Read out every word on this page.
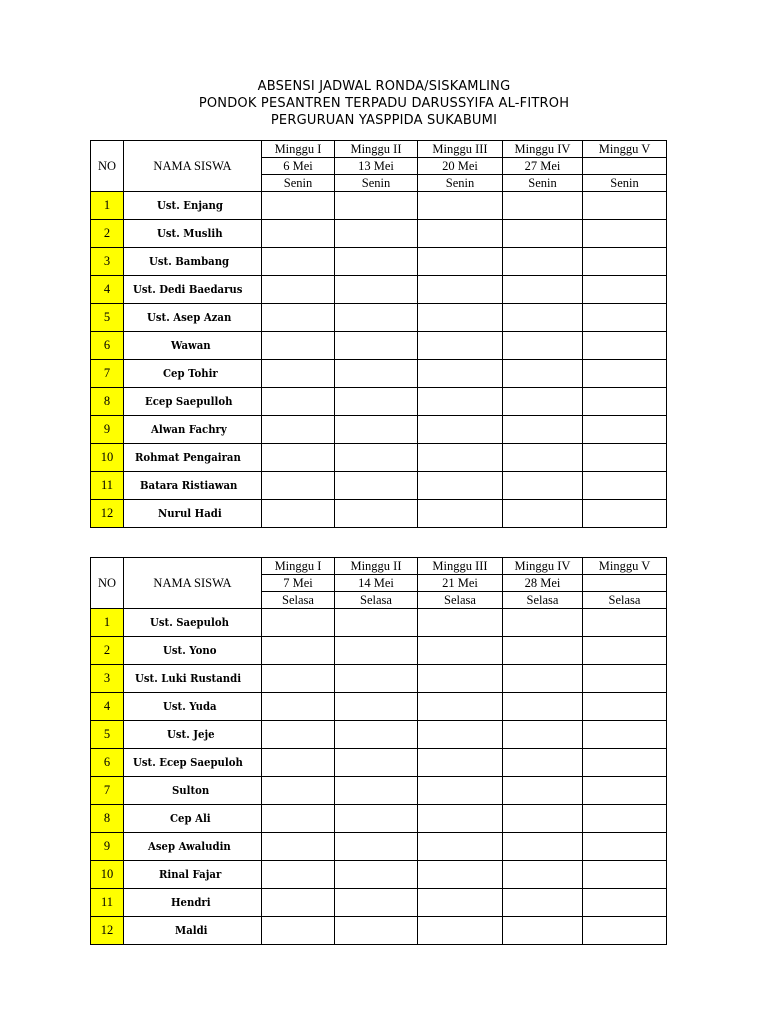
ABSENSI JADWAL RONDA/SISKAMLING
PONDOK PESANTREN TERPADU DARUSSYIFA AL-FITROH
PERGURUAN YASPPIDA SUKABUMI
NO	NAMA SISWA	Minggu I	Minggu II	Minggu III	Minggu IV	Minggu V
		6 Mei	13 Mei	20 Mei	27 Mei	
		Senin	Senin	Senin	Senin	Senin
1	Ust. Enjang					
2	Ust. Muslih					
3	Ust. Bambang					
4	Ust. Dedi Baedarus					
5	Ust. Asep Azan					
6	Wawan					
7	Cep Tohir					
8	Ecep Saepulloh					
9	Alwan Fachry					
10	Rohmat Pengairan					
11	Batara Ristiawan					
12	Nurul Hadi					
NO	NAMA SISWA	Minggu I	Minggu II	Minggu III	Minggu IV	Minggu V
		7 Mei	14 Mei	21 Mei	28 Mei	
		Selasa	Selasa	Selasa	Selasa	Selasa
1	Ust. Saepuloh					
2	Ust. Yono					
3	Ust. Luki Rustandi					
4	Ust. Yuda					
5	Ust. Jeje					
6	Ust. Ecep Saepuloh					
7	Sulton					
8	Cep Ali					
9	Asep Awaludin					
10	Rinal Fajar					
11	Hendri					
12	Maldi					
